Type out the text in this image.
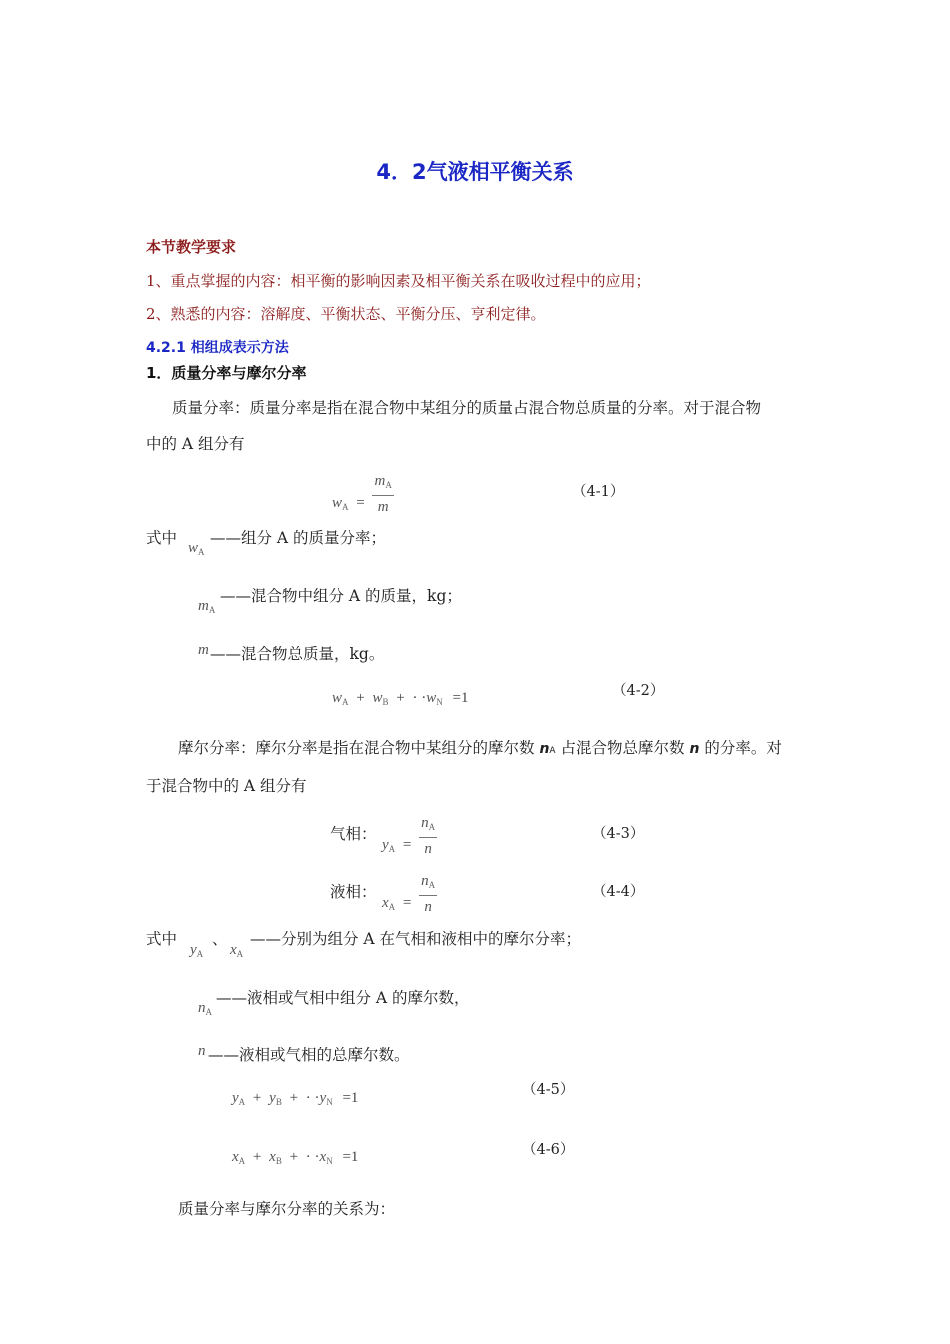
4．2气液相平衡关系
本节教学要求
1、重点掌握的内容：相平衡的影响因素及相平衡关系在吸收过程中的应用；
2、熟悉的内容：溶解度、平衡状态、平衡分压、亨利定律。
4.2.1 相组成表示方法
1．质量分率与摩尔分率
质量分率：质量分率是指在混合物中某组分的质量占混合物总质量的分率。对于混合物
中的 A 组分有
$w_A = \frac{m_A}{m}$	（4-1）
式中
$w_A$
——组分 A 的质量分率；
$m_A$
——混合物中组分 A 的质量，kg；
m ——混合物总质量，kg。
$w_A + w_B$ + · $\cdot w_N =1$	（4-2）
摩尔分率：摩尔分率是指在混合物中某组分的摩尔数 nA 占混合物总摩尔数 n 的分率。对
于混合物中的 A 组分有
气相：
$y_A = \frac{n_A}{n}$	（4-3）
液相：
$x_A = \frac{n_A}{n}$	（4-4）
式中
$y_A$
、
$x_A$
——分别为组分 A 在气相和液相中的摩尔分率；
$n_A$
——液相或气相中组分 A 的摩尔数，
n ——液相或气相的总摩尔数。
$y_A + y_B$ + · $\cdot y_N =1$	（4-5）
$x_A + x_B$ + · $\cdot x_N =1$	（4-6）
质量分率与摩尔分率的关系为：
